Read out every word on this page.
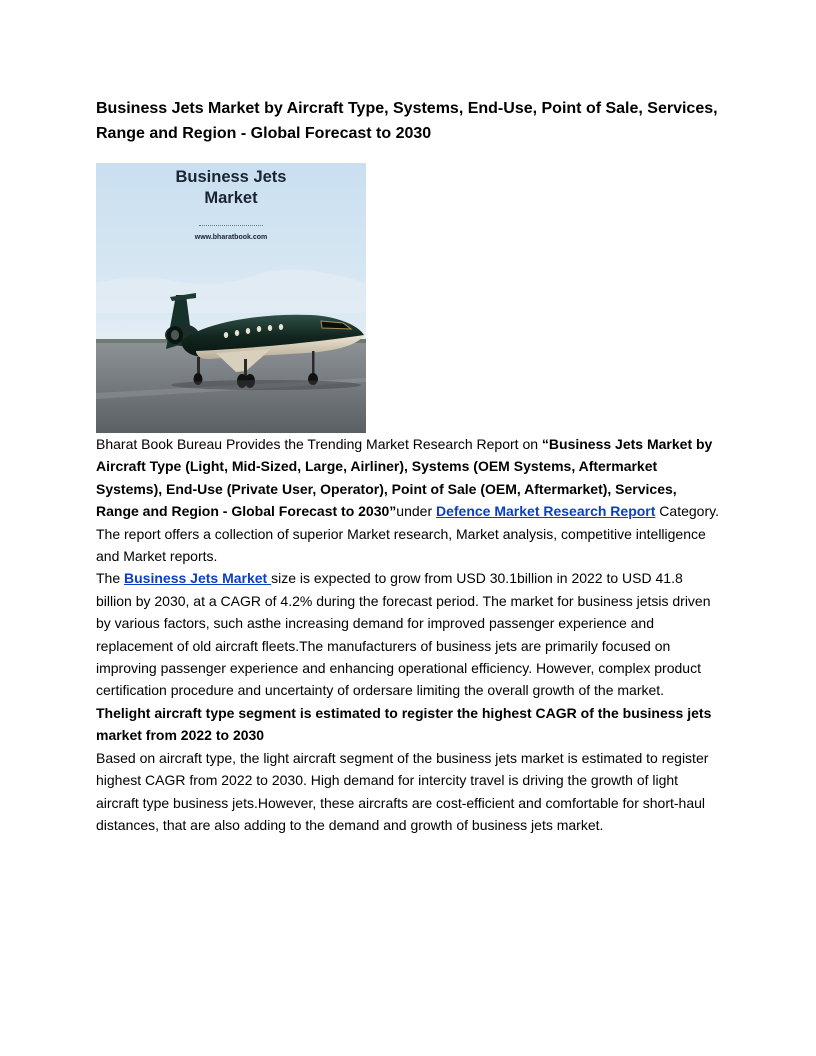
Business Jets Market by Aircraft Type, Systems, End-Use, Point of Sale, Services, Range and Region - Global Forecast to 2030
Business Jets
Market
www.bharatbook.com

Bharat Book Bureau Provides the Trending Market Research Report on “Business Jets Market by Aircraft Type (Light, Mid-Sized, Large, Airliner), Systems (OEM Systems, Aftermarket Systems), End-Use (Private User, Operator), Point of Sale (OEM, Aftermarket), Services, Range and Region - Global Forecast to 2030”under Defence Market Research Report Category. The report offers a collection of superior Market research, Market analysis, competitive intelligence and Market reports.

The Business Jets Market size is expected to grow from USD 30.1billion in 2022 to USD 41.8 billion by 2030, at a CAGR of 4.2% during the forecast period. The market for business jetsis driven by various factors, such asthe increasing demand for improved passenger experience and replacement of old aircraft fleets.The manufacturers of business jets are primarily focused on improving passenger experience and enhancing operational efficiency. However, complex product certification procedure and uncertainty of ordersare limiting the overall growth of the market.

Thelight aircraft type segment is estimated to register the highest CAGR of the business jets market from 2022 to 2030
Based on aircraft type, the light aircraft segment of the business jets market is estimated to register highest CAGR from 2022 to 2030. High demand for intercity travel is driving the growth of light aircraft type business jets.However, these aircrafts are cost-efficient and comfortable for short-haul distances, that are also adding to the demand and growth of business jets market.
